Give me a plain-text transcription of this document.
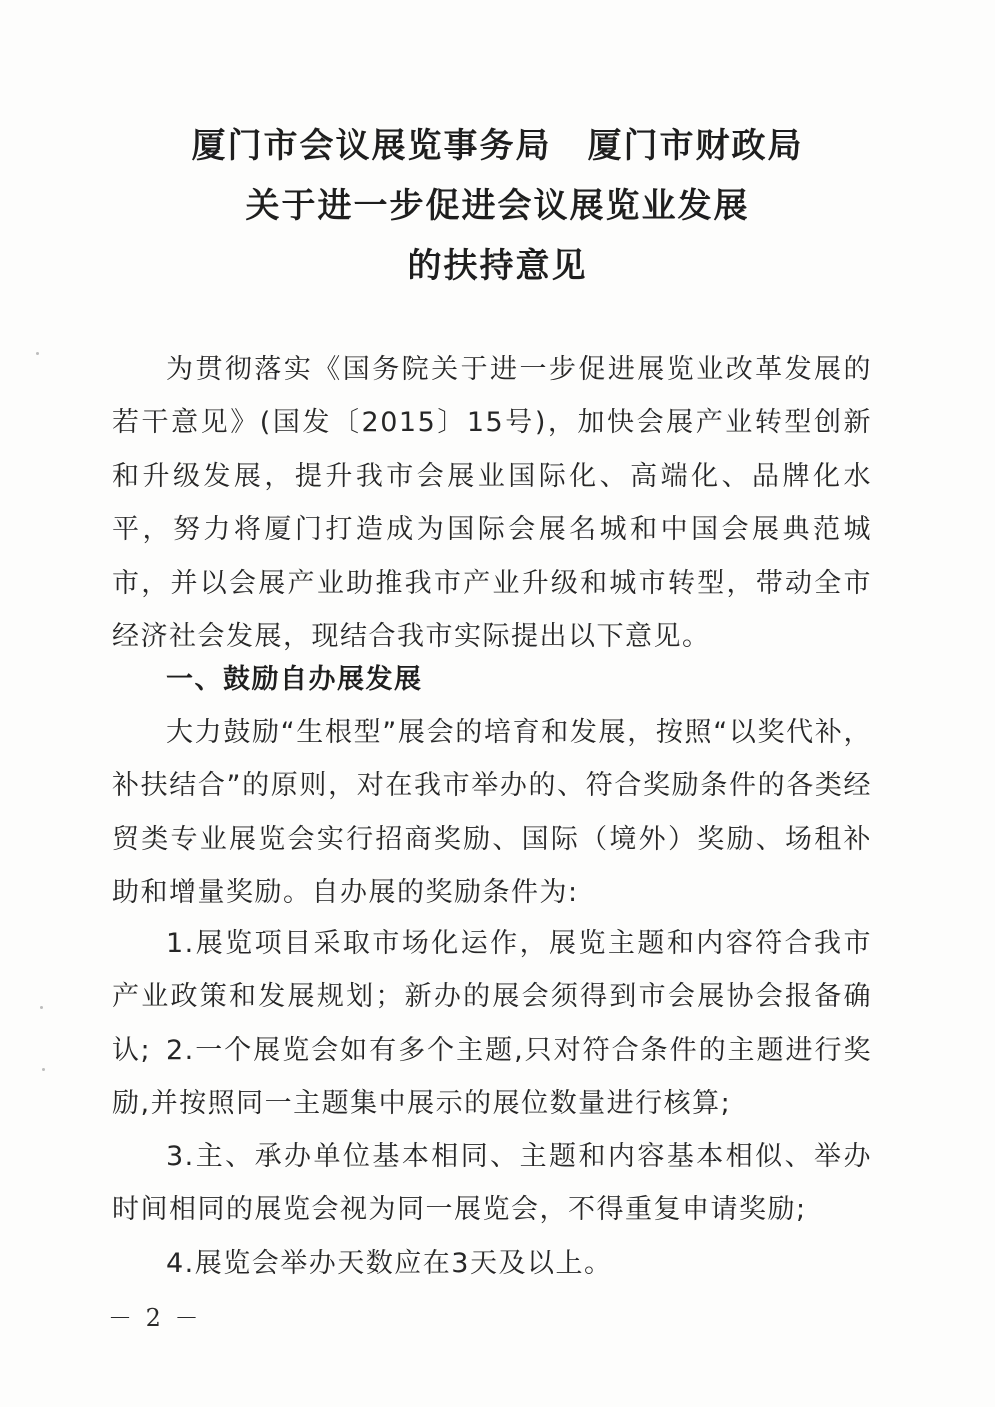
厦门市会议展览事务局　厦门市财政局
关于进一步促进会议展览业发展
的扶持意见
为贯彻落实《国务院关于进一步促进展览业改革发展的若干意见》(国发〔2015〕15号)，加快会展产业转型创新和升级发展，提升我市会展业国际化、高端化、品牌化水平，努力将厦门打造成为国际会展名城和中国会展典范城市，并以会展产业助推我市产业升级和城市转型，带动全市经济社会发展，现结合我市实际提出以下意见。
一、鼓励自办展发展
大力鼓励“生根型”展会的培育和发展，按照“以奖代补，补扶结合”的原则，对在我市举办的、符合奖励条件的各类经贸类专业展览会实行招商奖励、国际（境外）奖励、场租补助和增量奖励。自办展的奖励条件为:
1.展览项目采取市场化运作，展览主题和内容符合我市产业政策和发展规划；新办的展会须得到市会展协会报备确认; 2.一个展览会如有多个主题,只对符合条件的主题进行奖励,并按照同一主题集中展示的展位数量进行核算;
3.主、承办单位基本相同、主题和内容基本相似、举办时间相同的展览会视为同一展览会，不得重复申请奖励;
4.展览会举办天数应在3天及以上。
－ 2 －
